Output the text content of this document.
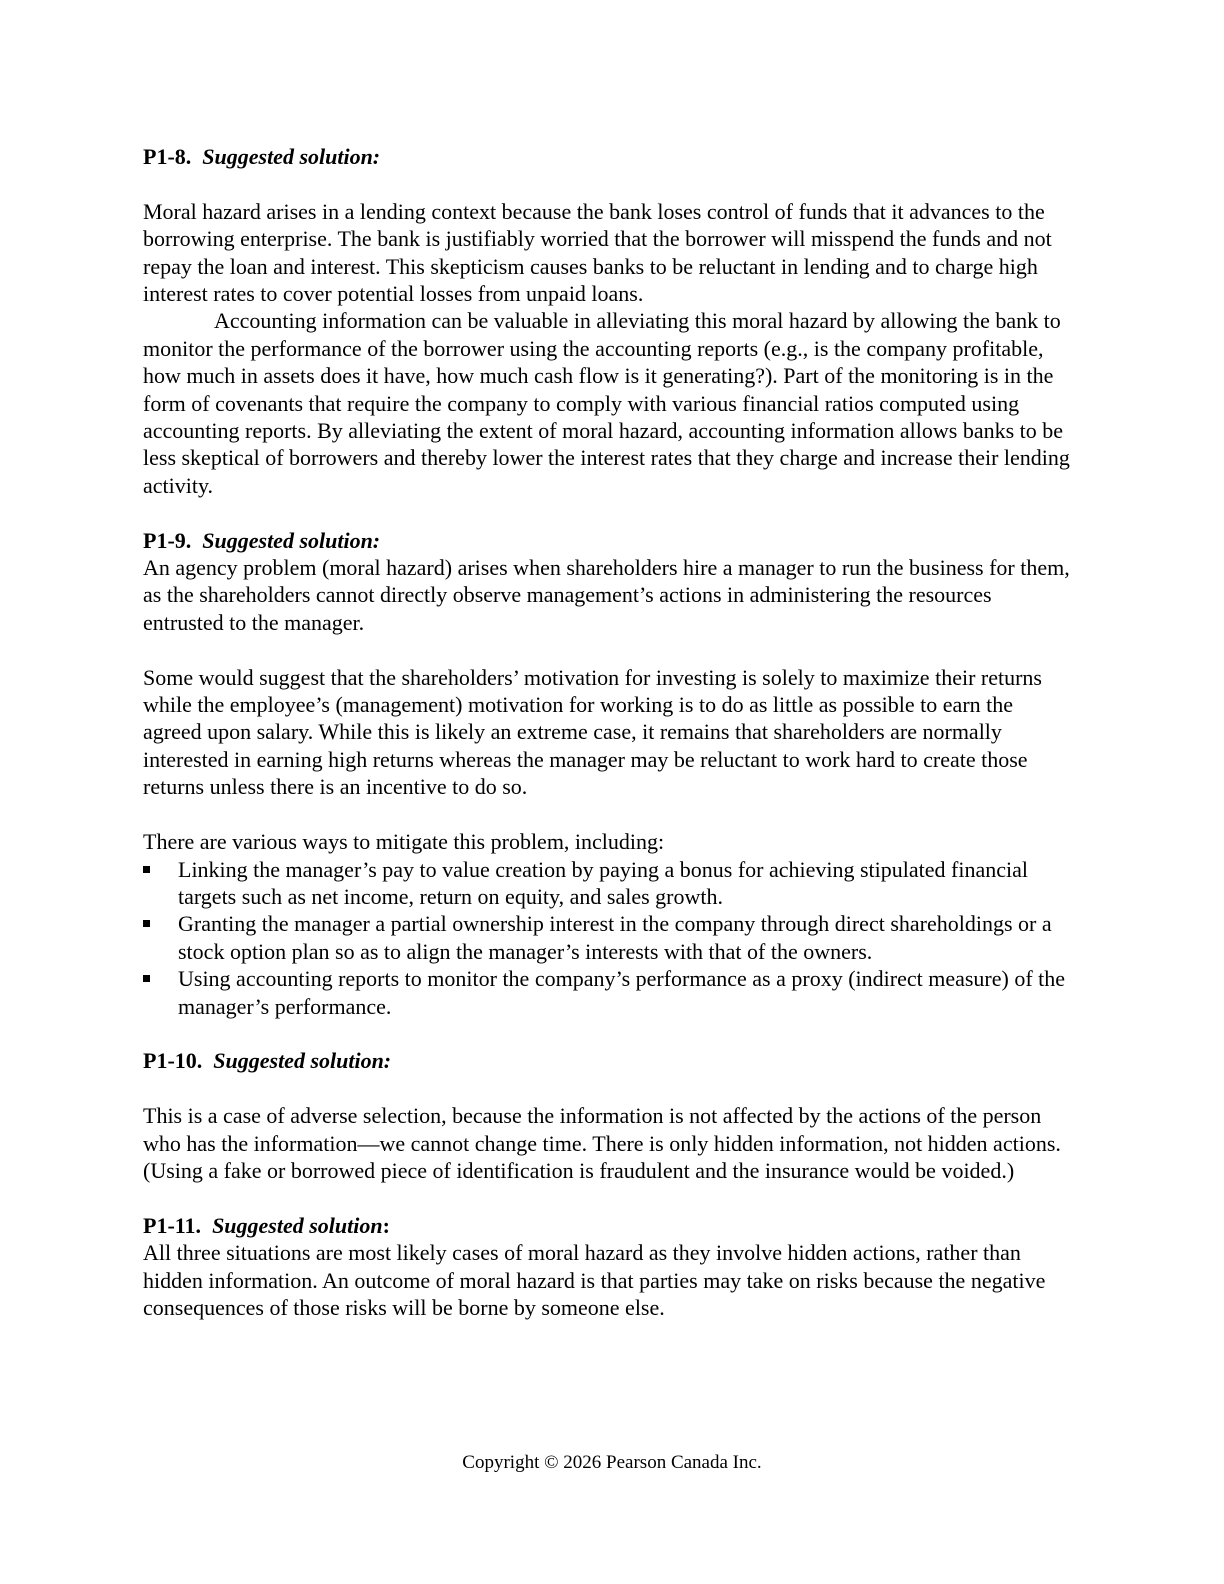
P1-8. Suggested solution:

Moral hazard arises in a lending context because the bank loses control of funds that it advances to the borrowing enterprise. The bank is justifiably worried that the borrower will misspend the funds and not repay the loan and interest. This skepticism causes banks to be reluctant in lending and to charge high interest rates to cover potential losses from unpaid loans.

Accounting information can be valuable in alleviating this moral hazard by allowing the bank to monitor the performance of the borrower using the accounting reports (e.g., is the company profitable, how much in assets does it have, how much cash flow is it generating?). Part of the monitoring is in the form of covenants that require the company to comply with various financial ratios computed using accounting reports. By alleviating the extent of moral hazard, accounting information allows banks to be less skeptical of borrowers and thereby lower the interest rates that they charge and increase their lending activity.

P1-9. Suggested solution:

An agency problem (moral hazard) arises when shareholders hire a manager to run the business for them, as the shareholders cannot directly observe management’s actions in administering the resources entrusted to the manager.

Some would suggest that the shareholders’ motivation for investing is solely to maximize their returns while the employee’s (management) motivation for working is to do as little as possible to earn the agreed upon salary. While this is likely an extreme case, it remains that shareholders are normally interested in earning high returns whereas the manager may be reluctant to work hard to create those returns unless there is an incentive to do so.

There are various ways to mitigate this problem, including:

Linking the manager’s pay to value creation by paying a bonus for achieving stipulated financial targets such as net income, return on equity, and sales growth.
Granting the manager a partial ownership interest in the company through direct shareholdings or a stock option plan so as to align the manager’s interests with that of the owners.
Using accounting reports to monitor the company’s performance as a proxy (indirect measure) of the manager’s performance.

P1-10. Suggested solution:

This is a case of adverse selection, because the information is not affected by the actions of the person who has the information—we cannot change time. There is only hidden information, not hidden actions. (Using a fake or borrowed piece of identification is fraudulent and the insurance would be voided.)

P1-11. Suggested solution:

All three situations are most likely cases of moral hazard as they involve hidden actions, rather than hidden information. An outcome of moral hazard is that parties may take on risks because the negative consequences of those risks will be borne by someone else.

Copyright © 2026 Pearson Canada Inc.
